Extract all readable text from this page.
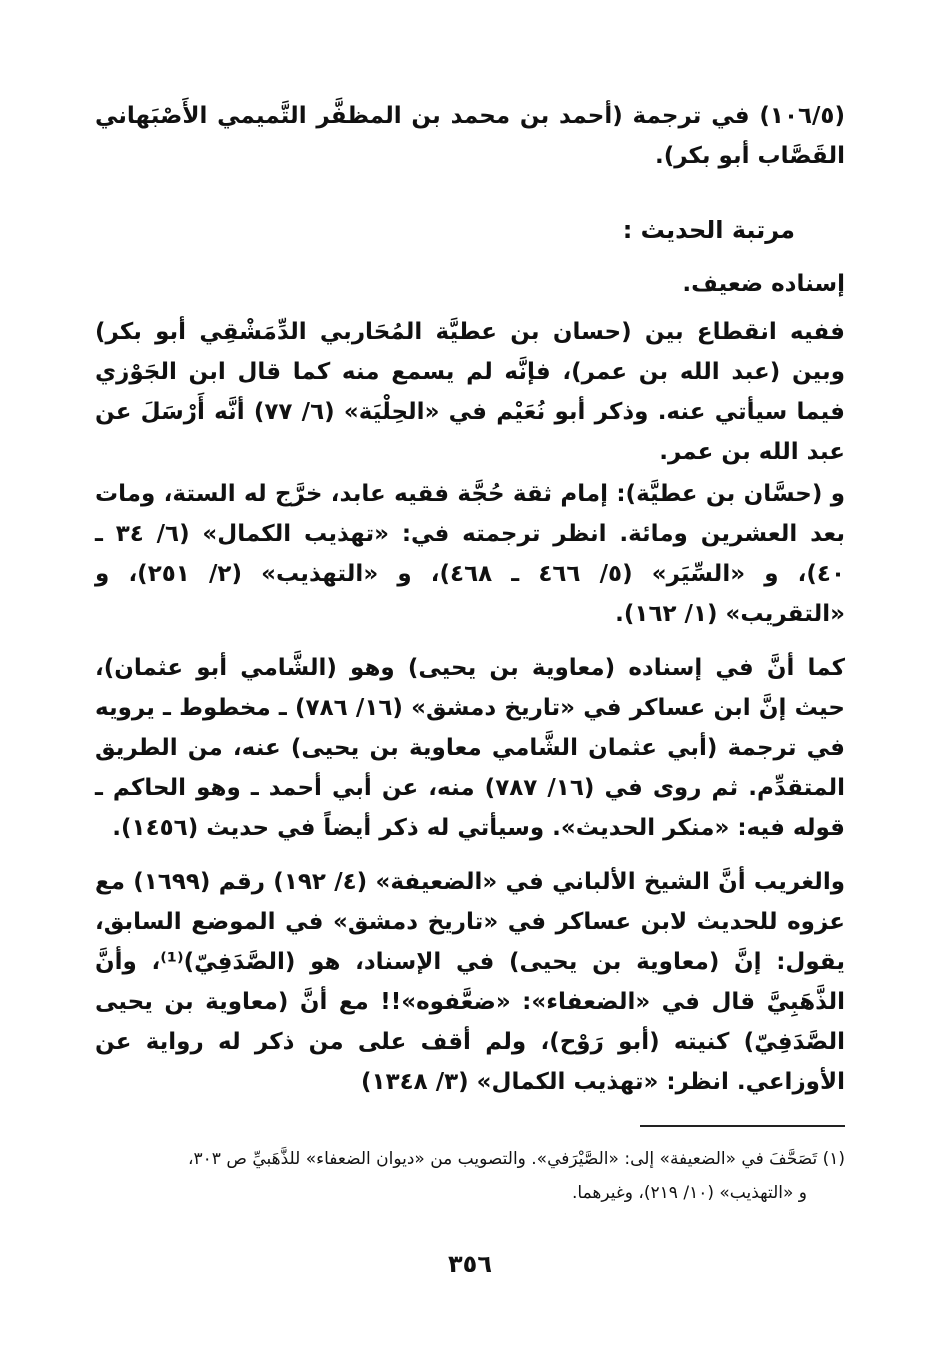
(١٠٦/٥) في ترجمة (أحمد بن محمد بن المظفَّر التَّميمي الأَصْبَهاني القَصَّاب أبو بكر).

مرتبة الحديث :

إسناده ضعيف.

ففيه انقطاع بين (حسان بن عطيَّة المُحَاربي الدِّمَشْقِي أبو بكر) وبين (عبد الله بن عمر)، فإنَّه لم يسمع منه كما قال ابن الجَوْزي فيما سيأتي عنه. وذكر أبو نُعَيْم في «الحِلْيَة» (٦/ ٧٧) أنَّه أَرْسَلَ عن عبد الله بن عمر.

و (حسَّان بن عطيَّة): إمام ثقة حُجَّة فقيه عابد، خرَّج له الستة، ومات بعد العشرين ومائة. انظر ترجمته في: «تهذيب الكمال» (٦/ ٣٤ ـ ٤٠)، و «السِّيَر» (٥/ ٤٦٦ ـ ٤٦٨)، و «التهذيب» (٢/ ٢٥١)، و «التقريب» (١/ ١٦٢).

كما أنَّ في إسناده (معاوية بن يحيى) وهو (الشَّامي أبو عثمان)، حيث إنَّ ابن عساكر في «تاريخ دمشق» (١٦/ ٧٨٦) ـ مخطوط ـ يرويه في ترجمة (أبي عثمان الشَّامي معاوية بن يحيى) عنه، من الطريق المتقدِّم. ثم روى في (١٦/ ٧٨٧) منه، عن أبي أحمد ـ وهو الحاكم ـ قوله فيه: «منكر الحديث». وسيأتي له ذكر أيضاً في حديث (١٤٥٦).

والغريب أنَّ الشيخ الألباني في «الضعيفة» (٤/ ١٩٢) رقم (١٦٩٩) مع عزوه للحديث لابن عساكر في «تاريخ دمشق» في الموضع السابق، يقول: إنَّ (معاوية بن يحيى) في الإسناد، هو (الصَّدَفِيّ)⁽¹⁾، وأنَّ الذَّهَبِيَّ قال في «الضعفاء»: «ضعَّفوه»!! مع أنَّ (معاوية بن يحيى الصَّدَفِيّ) كنيته (أبو رَوْح)، ولم أقف على من ذكر له رواية عن الأوزاعي. انظر: «تهذيب الكمال» (٣/ ١٣٤٨)

(١) تَصَحَّفَ في «الضعيفة» إلى: «الصَّيْرَفي». والتصويب من «ديوان الضعفاء» للذَّهَبيِّ ص ٣٠٣،

و «التهذيب» (١٠/ ٢١٩)، وغيرهما.

٣٥٦
